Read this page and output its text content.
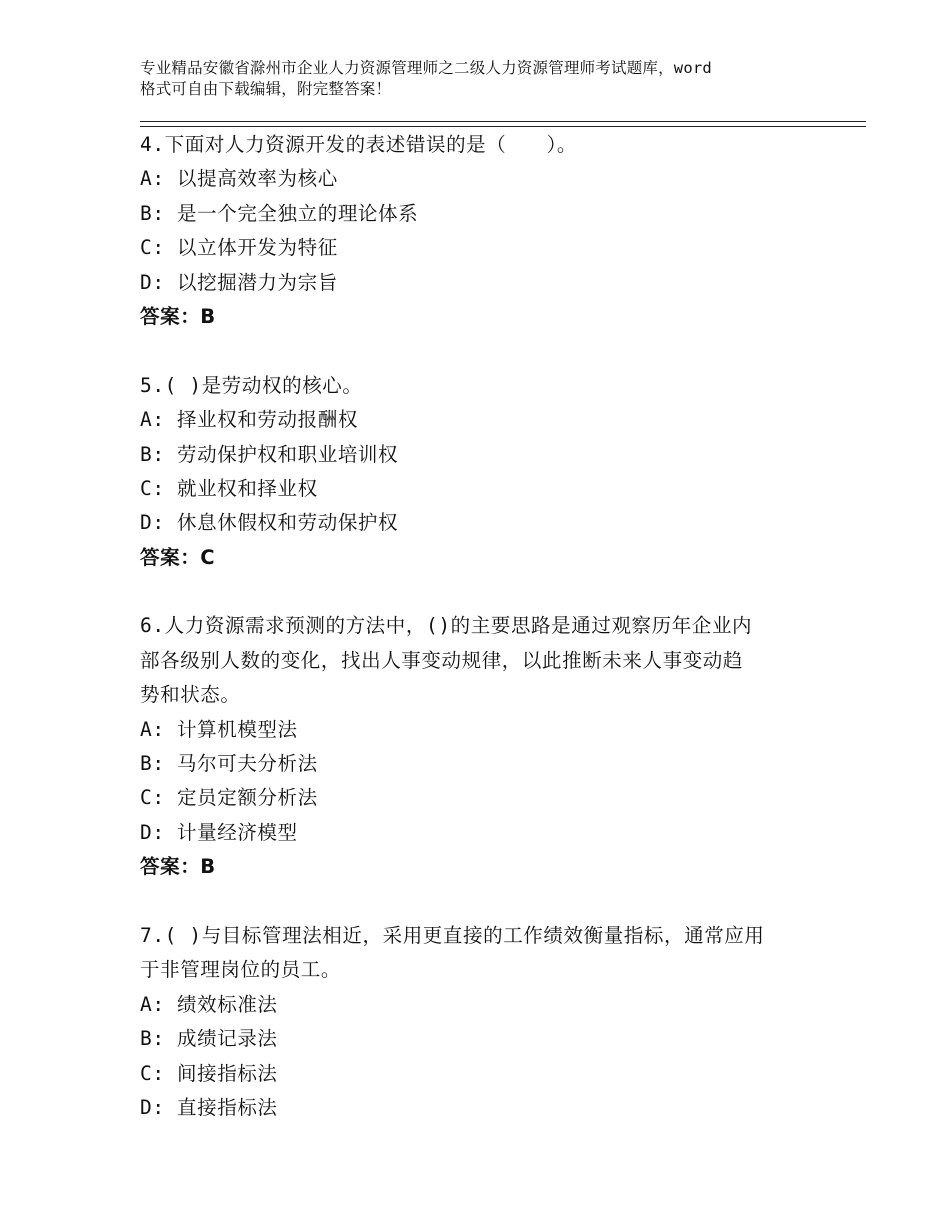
专业精品安徽省滁州市企业人力资源管理师之二级人力资源管理师考试题库，word
格式可自由下载编辑，附完整答案！
4.下面对人力资源开发的表述错误的是（　　）。
A: 以提高效率为核心
B: 是一个完全独立的理论体系
C: 以立体开发为特征
D: 以挖掘潜力为宗旨
答案：B
5.( )是劳动权的核心。
A: 择业权和劳动报酬权
B: 劳动保护权和职业培训权
C: 就业权和择业权
D: 休息休假权和劳动保护权
答案：C
6.人力资源需求预测的方法中，()的主要思路是通过观察历年企业内
部各级别人数的变化，找出人事变动规律，以此推断未来人事变动趋
势和状态。
A: 计算机模型法
B: 马尔可夫分析法
C: 定员定额分析法
D: 计量经济模型
答案：B
7.( )与目标管理法相近，采用更直接的工作绩效衡量指标，通常应用
于非管理岗位的员工。
A: 绩效标准法
B: 成绩记录法
C: 间接指标法
D: 直接指标法
